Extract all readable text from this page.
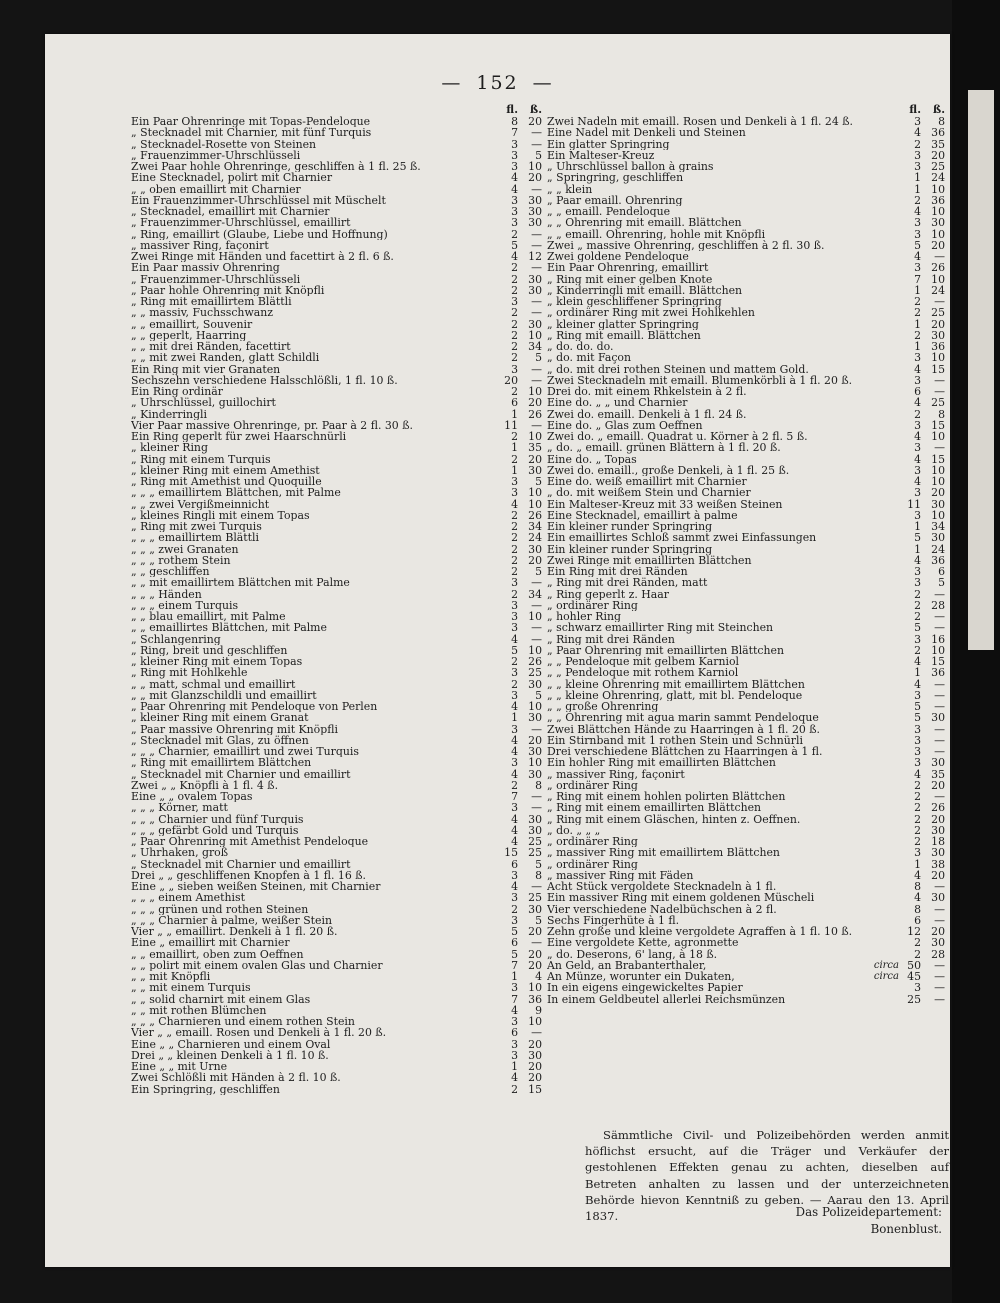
— 152 —
fl.	ß.
Ein Paar Ohrenringe mit Topas-Pendeloque	8 20
„ Stecknadel mit Charnier, mit fünf Turquis	7	—
„ Stecknadel-Rosette von Steinen	3	—
„ Frauenzimmer-Uhrschlüsseli	3	5
Zwei Paar hohle Ohrenringe, geschliffen à 1 fl. 25 ß.	3 10
Eine Stecknadel, polirt mit Charnier	4 20
„ „ oben emaillirt mit Charnier	4	—
Ein Frauenzimmer-Uhrschlüssel mit Müschelt	3 30
„ Stecknadel, emaillirt mit Charnier	3 30
„ Frauenzimmer-Uhrschlüssel, emaillirt	3 30
„ Ring, emaillirt (Glaube, Liebe und Hoffnung)	2	—
„ massiver Ring, façonirt	5	—
Zwei Ringe mit Händen und facettirt à 2 fl. 6 ß.	4 12
Ein Paar massiv Ohrenring	2	—
„ Frauenzimmer-Uhrschlüsseli	2 30
„ Paar hohle Ohrenring mit Knöpfli	2 30
„ Ring mit emaillirtem Blättli	3	—
„ „ massiv, Fuchsschwanz	2	—
„ „ emaillirt, Souvenir	2 30
„ „ geperlt, Haarring	2 10
„ „ mit drei Ränden, facettirt	2 34
„ „ mit zwei Randen, glatt Schildli	2	5
Ein Ring mit vier Granaten	3	—
Sechszehn verschiedene Halsschlößli, 1 fl. 10 ß.	20	—
Ein Ring ordinär	2 10
„ Uhrschlüssel, guillochirt	6 20
„ Kinderringli	1 26
Vier Paar massive Ohrenringe, pr. Paar à 2 fl. 30 ß.	11	—
Ein Ring geperlt für zwei Haarschnürli	2 10
„ kleiner Ring	1 35
„ Ring mit einem Turquis	2 20
„ kleiner Ring mit einem Amethist	1 30
„ Ring mit Amethist und Quoquille	3	5
„ „ „ emaillirtem Blättchen, mit Palme	3 10
„ „ zwei Vergißmeinnicht	4 10
„ kleines Ringli mit einem Topas	2 26
„ Ring mit zwei Turquis	2 34
„ „ „ emaillirtem Blättli	2 24
„ „ „ zwei Granaten	2 30
„ „ „ rothem Stein	2 20
„ „ geschliffen	2	5
„ „ mit emaillirtem Blättchen mit Palme	3	—
„ „ „ Händen	2 34
„ „ „ einem Turquis	3	—
„ „ blau emaillirt, mit Palme	3 10
„ „ emaillirtes Blättchen, mit Palme	3	—
„ Schlangenring	4	—
„ Ring, breit und geschliffen	5 10
„ kleiner Ring mit einem Topas	2 26
„ Ring mit Hohlkehle	3 25
„ „ matt, schmal und emaillirt	2 30
„ „ mit Glanzschildli und emaillirt	3	5
„ Paar Ohrenring mit Pendeloque von Perlen	4 10
„ kleiner Ring mit einem Granat	1 30
„ Paar massive Ohrenring mit Knöpfli	3	—
„ Stecknadel mit Glas, zu öffnen	4 20
„ „ „ Charnier, emaillirt und zwei Turquis	4 30
„ Ring mit emaillirtem Blättchen	3 10
„ Stecknadel mit Charnier und emaillirt	4 30
Zwei „ „ Knöpfli à 1 fl. 4 ß.	2	8
Eine „ „ ovalem Topas	7	—
„ „ „ Körner, matt	3	—
„ „ „ Charnier und fünf Turquis	4 30
„ „ „ gefärbt Gold und Turquis	4 30
„ Paar Ohrenring mit Amethist Pendeloque	4 25
„ Uhrhaken, groß	15 25
„ Stecknadel mit Charnier und emaillirt	6	5
Drei „ „ geschliffenen Knopfen à 1 fl. 16 ß.	3	8
Eine „ „ sieben weißen Steinen, mit Charnier	4	—
„ „ „ einem Amethist	3 25
„ „ „ grünen und rothen Steinen	2 30
„ „ „ Charnier à palme, weißer Stein	3	5
Vier „ „ emaillirt. Denkeli à 1 fl. 20 ß.	5 20
Eine „ emaillirt mit Charnier	6	—
„ „ emaillirt, oben zum Oeffnen	5 20
„ „ polirt mit einem ovalen Glas und Charnier	7 20
„ „ mit Knöpfli	1	4
„ „ mit einem Turquis	3 10
„ „ solid charnirt mit einem Glas	7 36
„ „ mit rothen Blümchen	4	9
„ „ „ Charnieren und einem rothen Stein	3 10
Vier „ „ emaill. Rosen und Denkeli à 1 fl. 20 ß.	6	—
Eine „ „ Charnieren und einem Oval	3 20
Drei „ „ kleinen Denkeli à 1 fl. 10 ß.	3 30
Eine „ „ mit Urne	1 20
Zwei Schlößli mit Händen à 2 fl. 10 ß.	4 20
Ein Springring, geschliffen	2 15
fl.	ß.
Zwei Nadeln mit emaill. Rosen und Denkeli à 1 fl. 24 ß.	3	8
Eine Nadel mit Denkeli und Steinen	4 36
Ein glatter Springring	2 35
Ein Malteser-Kreuz	3 20
„ Uhrschlüssel ballon à grains	3 25
„ Springring, geschliffen	1 24
„ „ klein	1 10
„ Paar emaill. Ohrenring	2 36
„ „ emaill. Pendeloque	4 10
„ „ Ohrenring mit emaill. Blättchen	3 30
„ „ emaill. Ohrenring, hohle mit Knöpfli	3 10
Zwei „ massive Ohrenring, geschliffen à 2 fl. 30 ß.	5 20
Zwei goldene Pendeloque	4	—
Ein Paar Ohrenring, emaillirt	3 26
„ Ring mit einer gelben Knote	7 10
„ Kinderringli mit emaill. Blättchen	1 24
„ klein geschliffener Springring	2	—
„ ordinärer Ring mit zwei Hohlkehlen	2 25
„ kleiner glatter Springring	1 20
„ Ring mit emaill. Blättchen	2 30
„ do. do. do.	1 36
„ do. mit Façon	3 10
„ do. mit drei rothen Steinen und mattem Gold.	4 15
Zwei Stecknadeln mit emaill. Blumenkörbli à 1 fl. 20 ß.	3	—
Drei do. mit einem Rhkelstein à 2 fl.	6	—
Eine do. „ „ und Charnier	4 25
Zwei do. emaill. Denkeli à 1 fl. 24 ß.	2	8
Eine do. „ Glas zum Oeffnen	3 15
Zwei do. „ emaill. Quadrat u. Körner à 2 fl. 5 ß.	4 10
„ do. „ emaill. grünen Blättern à 1 fl. 20 ß.	3	—
Eine do. „ Topas	4 15
Zwei do. emaill., große Denkeli, à 1 fl. 25 ß.	3 10
Eine do. weiß emaillirt mit Charnier	4 10
„ do. mit weißem Stein und Charnier	3 20
Ein Malteser-Kreuz mit 33 weißen Steinen	11 30
Eine Stecknadel, emaillirt à palme	3 10
Ein kleiner runder Springring	1 34
Ein emaillirtes Schloß sammt zwei Einfassungen	5 30
Ein kleiner runder Springring	1 24
Zwei Ringe mit emaillirten Blättchen	4 36
Ein Ring mit drei Ränden	3	6
„ Ring mit drei Ränden, matt	3	5
„ Ring geperlt z. Haar	2	—
„ ordinärer Ring	2 28
„ hohler Ring	2	—
„ schwarz emaillirter Ring mit Steinchen	5	—
„ Ring mit drei Ränden	3 16
„ Paar Ohrenring mit emaillirten Blättchen	2 10
„ „ Pendeloque mit gelbem Karniol	4 15
„ „ Pendeloque mit rothem Karniol	1 36
„ „ kleine Ohrenring mit emaillirtem Blättchen	4	—
„ „ kleine Ohrenring, glatt, mit bl. Pendeloque	3	—
„ „ große Ohrenring	5	—
„ „ Ohrenring mit agua marin sammt Pendeloque	5 30
Zwei Blättchen Hände zu Haarringen à 1 fl. 20 ß.	3	—
Ein Stirnband mit 1 rothen Stein und Schnürli	3	—
Drei verschiedene Blättchen zu Haarringen à 1 fl.	3	—
Ein hohler Ring mit emaillirten Blättchen	3 30
„ massiver Ring, façonirt	4 35
„ ordinärer Ring	2 20
„ Ring mit einem hohlen polirten Blättchen	2	—
„ Ring mit einem emaillirten Blättchen	2 26
„ Ring mit einem Gläschen, hinten z. Oeffnen.	2 20
„ do. „ „ „	2 30
„ ordinärer Ring	2 18
„ massiver Ring mit emaillirtem Blättchen	3 30
„ ordinärer Ring	1 38
„ massiver Ring mit Fäden	4 20
Acht Stück vergoldete Stecknadeln à 1 fl.	8	—
Ein massiver Ring mit einem goldenen Müscheli	4 30
Vier verschiedene Nadelbüchschen à 2 fl.	8	—
Sechs Fingerhüte à 1 fl.	6	—
Zehn große und kleine vergoldete Agraffen à 1 fl. 10 ß.	12 20
Eine vergoldete Kette, agronmette	2 30
„ do. Deserons, 6' lang, à 18 ß.	2 28
An Geld, an Brabanterthaler,	circa 50	—
An Münze, worunter ein Dukaten,	circa 45	—
In ein eigens eingewickeltes Papier	3	—
In einem Geldbeutel allerlei Reichsmünzen	25	—
Sämmtliche Civil- und Polizeibehörden werden anmit höflichst ersucht, auf die Träger und Verkäufer der gestohlenen Effekten genau zu achten, dieselben auf Betreten anhalten zu lassen und der unterzeichneten Behörde hievon Kenntniß zu geben. — Aarau den 13. April 1837.	Das Polizeidepartement:
Bonenblust.
